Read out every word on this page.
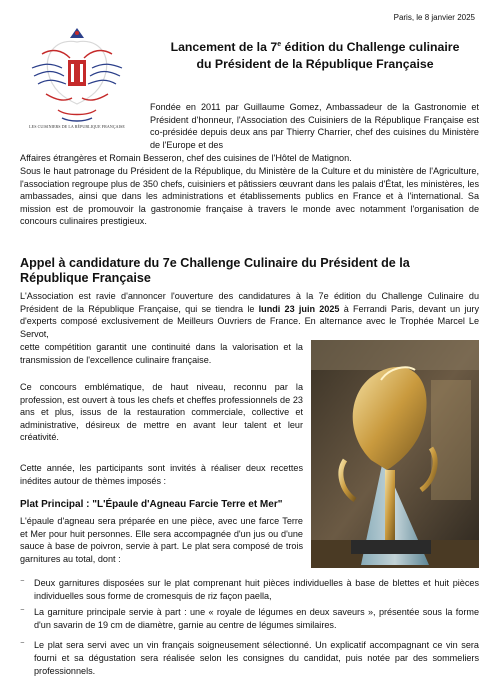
Paris, le 8 janvier 2025
LES CUISINIERS DE LA RÉPUBLIQUE FRANÇAISE
Lancement de la 7e édition du Challenge culinaire
du Président de la République Française

Fondée en 2011 par Guillaume Gomez, Ambassadeur de la Gastronomie et Président d'honneur, l'Association des Cuisiniers de la République Française est co-présidée depuis deux ans par Thierry Charrier, chef des cuisines du Ministère de l'Europe et des

Affaires étrangères et Romain Besseron, chef des cuisines de l'Hôtel de Matignon.

Sous le haut patronage du Président de la République, du Ministère de la Culture et du ministère de l'Agriculture, l'association regroupe plus de 350 chefs, cuisiniers et pâtissiers œuvrant dans les palais d'État, les ministères, les ambassades, ainsi que dans les administrations et établissements publics en France et à l'international. Sa mission est de promouvoir la gastronomie française à travers le monde avec notamment l'organisation de concours culinaires prestigieux.

Appel à candidature du 7e Challenge Culinaire du Président de la République Française

L'Association est ravie d'annoncer l'ouverture des candidatures à la 7e édition du Challenge Culinaire du Président de la République Française, qui se tiendra le lundi 23 juin 2025 à Ferrandi Paris, devant un jury d'experts composé exclusivement de Meilleurs Ouvriers de France. En alternance avec le Trophée Marcel Le Servot,

cette compétition garantit une continuité dans la valorisation et la transmission de l'excellence culinaire française.

Ce concours emblématique, de haut niveau, reconnu par la profession, est ouvert à tous les chefs et cheffes professionnels de 23 ans et plus, issus de la restauration commerciale, collective et administrative, désireux de mettre en avant leur talent et leur créativité.

Cette année, les participants sont invités à réaliser deux recettes inédites autour de thèmes imposés :

Plat Principal : "L'Épaule d'Agneau Farcie Terre et Mer"

L'épaule d'agneau sera préparée en une pièce, avec une farce Terre et Mer pour huit personnes. Elle sera accompagnée d'un jus ou d'une sauce à base de poivron, servie à part. Le plat sera composé de trois garnitures au total, dont :

⁻ Deux garnitures disposées sur le plat comprenant huit pièces individuelles à base de blettes et huit pièces individuelles sous forme de cromesquis de riz façon paella,
⁻ La garniture principale servie à part : une « royale de légumes en deux saveurs », présentée sous la forme d'un savarin de 19 cm de diamètre, garnie au centre de légumes similaires.
⁻ Le plat sera servi avec un vin français soigneusement sélectionné. Un explicatif accompagnant ce vin sera fourni et sa dégustation sera réalisée selon les consignes du candidat, puis notée par des sommeliers professionnels.
